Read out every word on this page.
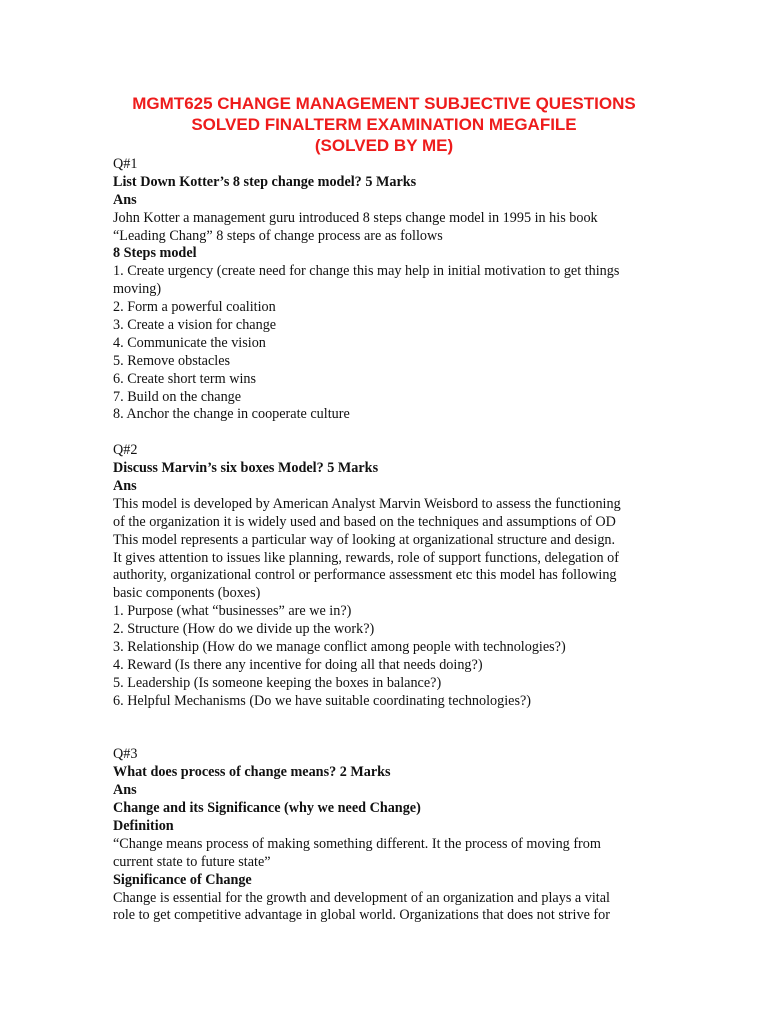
MGMT625 CHANGE MANAGEMENT SUBJECTIVE QUESTIONS
SOLVED FINALTERM EXAMINATION MEGAFILE
(SOLVED BY ME)
Q#1
List Down Kotter’s 8 step change model? 5 Marks
Ans
John Kotter a management guru introduced 8 steps change model in 1995 in his book
“Leading Chang” 8 steps of change process are as follows
8 Steps model
1. Create urgency (create need for change this may help in initial motivation to get things
moving)
2. Form a powerful coalition
3. Create a vision for change
4. Communicate the vision
5. Remove obstacles
6. Create short term wins
7. Build on the change
8. Anchor the change in cooperate culture
Q#2
Discuss Marvin’s six boxes Model? 5 Marks
Ans
This model is developed by American Analyst Marvin Weisbord to assess the functioning
of the organization it is widely used and based on the techniques and assumptions of OD
This model represents a particular way of looking at organizational structure and design.
It gives attention to issues like planning, rewards, role of support functions, delegation of
authority, organizational control or performance assessment etc this model has following
basic components (boxes)
1. Purpose (what “businesses” are we in?)
2. Structure (How do we divide up the work?)
3. Relationship (How do we manage conflict among people with technologies?)
4. Reward (Is there any incentive for doing all that needs doing?)
5. Leadership (Is someone keeping the boxes in balance?)
6. Helpful Mechanisms (Do we have suitable coordinating technologies?)
Q#3
What does process of change means? 2 Marks
Ans
Change and its Significance (why we need Change)
Definition
“Change means process of making something different. It the process of moving from
current state to future state”
Significance of Change
Change is essential for the growth and development of an organization and plays a vital
role to get competitive advantage in global world. Organizations that does not strive for
